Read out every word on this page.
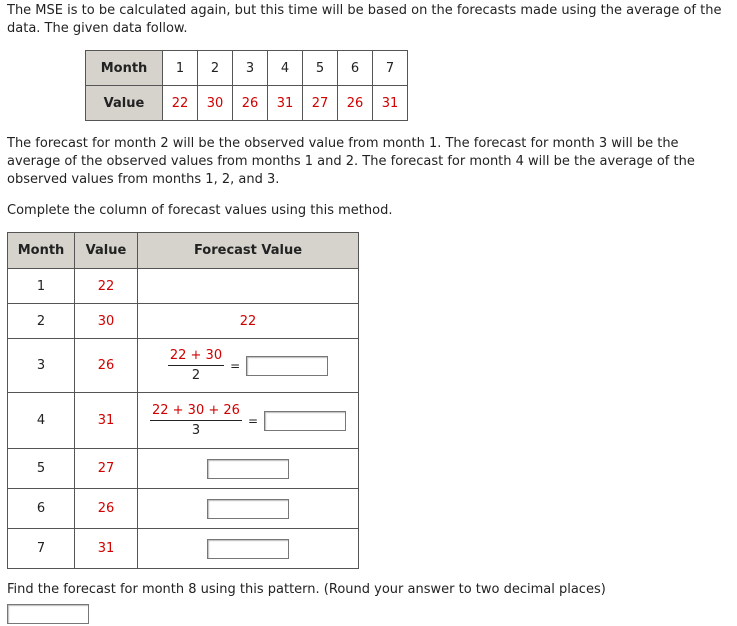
The MSE is to be calculated again, but this time will be based on the forecasts made using the average of the data. The given data follow.
Month	1	2	3	4	5	6	7
Value	22	30	26	31	27	26	31
The forecast for month 2 will be the observed value from month 1. The forecast for month 3 will be the average of the observed values from months 1 and 2. The forecast for month 4 will be the average of the observed values from months 1, 2, and 3.
Complete the column of forecast values using this method.
Month	Value	Forecast Value
1	22	
2	30	22
3	26	$\frac{22 + 30}{2}$ =
4	31	$\frac{22 + 30 + 26}{3}$ =
5	27	
6	26	
7	31	
Find the forecast for month 8 using this pattern. (Round your answer to two decimal places)
